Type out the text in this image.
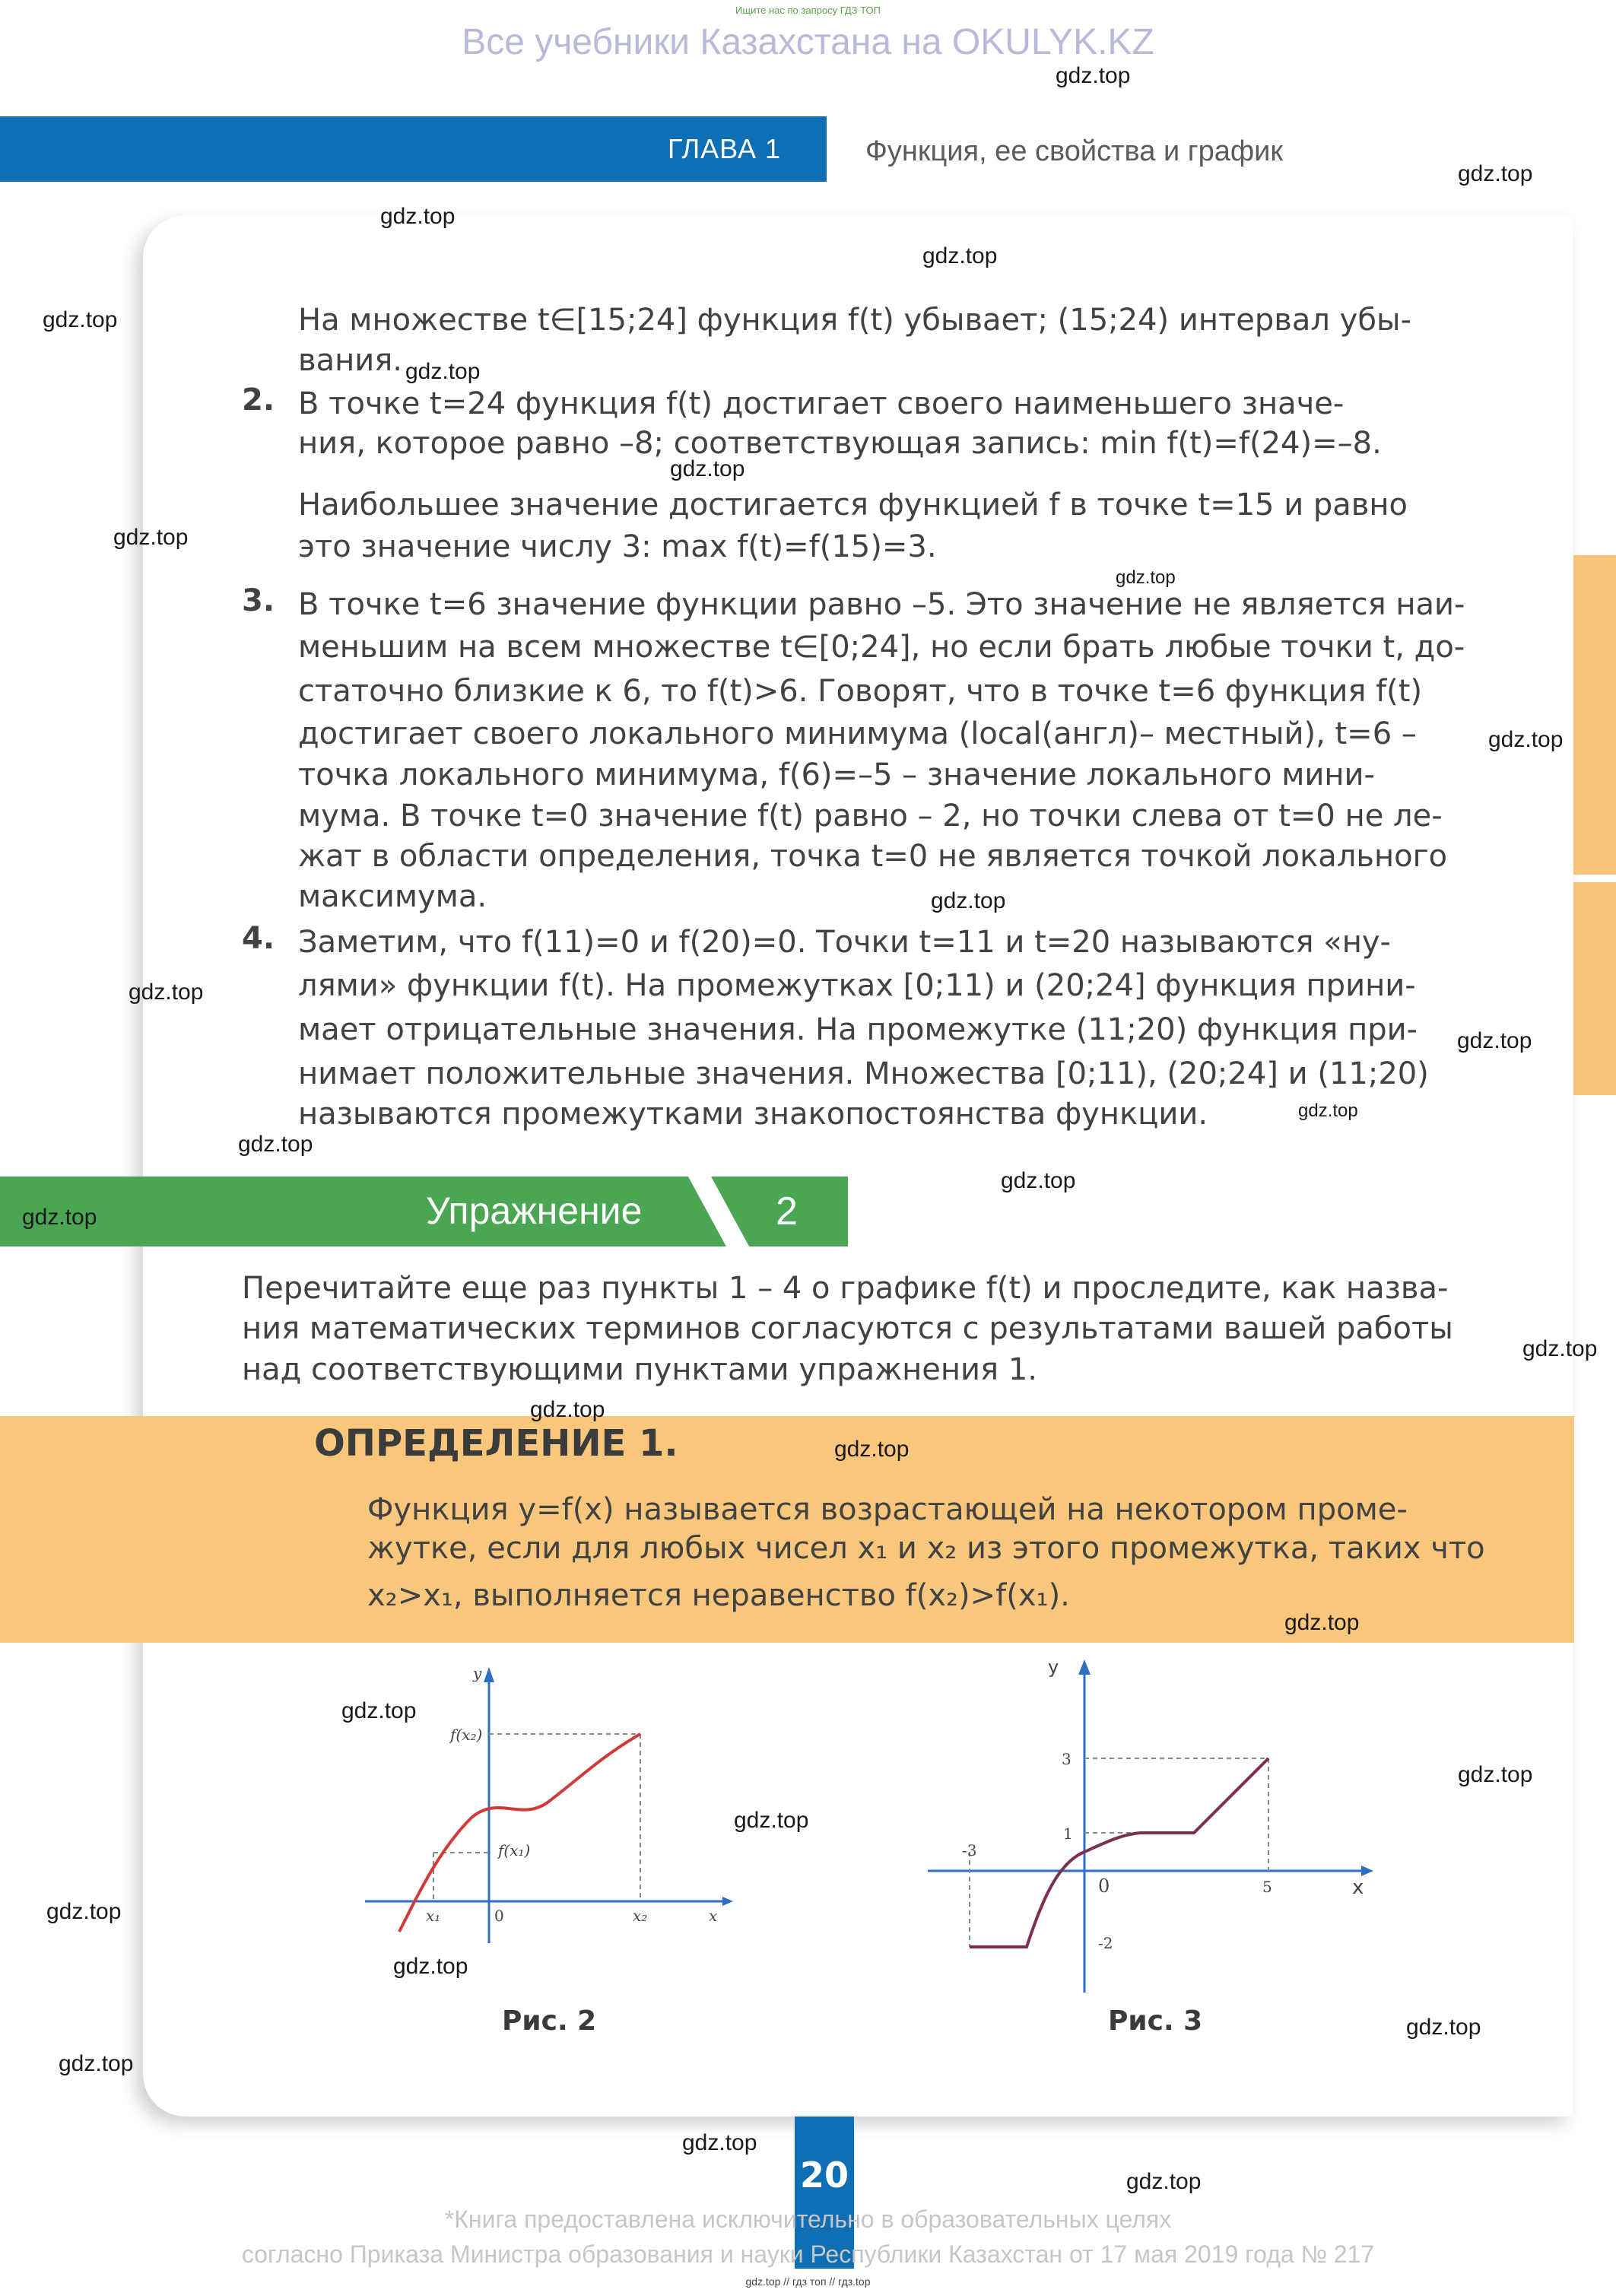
Ищите нас по запросу ГДЗ ТОП
Все учебники Казахстана на OKULYK.KZ
ГЛАВА 1	Функция, ее свойства и график
На множестве t∈[15;24] функция f(t) убывает; (15;24) интервал убы-
вания.
2. В точке t=24 функция f(t) достигает своего наименьшего значе-
ния, которое равно –8; соответствующая запись: min f(t)=f(24)=–8.
Наибольшее значение достигается функцией f в точке t=15 и равно
это значение числу 3: max f(t)=f(15)=3.
3. В точке t=6 значение функции равно –5. Это значение не является наи-
меньшим на всем множестве t∈[0;24], но если брать любые точки t, до-
статочно близкие к 6, то f(t)>6. Говорят, что в точке t=6 функция f(t)
достигает своего локального минимума (local(англ)– местный), t=6 –
точка локального минимума, f(6)=–5 – значение локального мини-
мума. В точке t=0 значение f(t) равно – 2, но точки слева от t=0 не ле-
жат в области определения, точка t=0 не является точкой локального
максимума.
4. Заметим, что f(11)=0 и f(20)=0. Точки t=11 и t=20 называются «ну-
лями» функции f(t). На промежутках [0;11) и (20;24] функция прини-
мает отрицательные значения. На промежутке (11;20) функция при-
нимает положительные значения. Множества [0;11), (20;24] и (11;20)
называются промежутками знакопостоянства функции.
Упражнение	2
Перечитайте еще раз пункты 1 – 4 о графике f(t) и проследите, как назва-
ния математических терминов согласуются с результатами вашей работы
над соответствующими пунктами упражнения 1.
ОПРЕДЕЛЕНИЕ 1.
Функция y=f(x) называется возрастающей на некотором проме-
жутке, если для любых чисел x₁ и x₂ из этого промежутка, таких что
x₂>x₁, выполняется неравенство f(x₂)>f(x₁).
y
f(x₂)
f(x₁)
x₁	0	x₂	x
Рис. 2
y
3
1
-3
0	5
-2
x
Рис. 3
20
*Книга предоставлена исключительно в образовательных целях
согласно Приказа Министра образования и науки Республики Казахстан от 17 мая 2019 года № 217
gdz.top // гдз топ // гдз.top
gdz.top
gdz.top
gdz.top
gdz.top
gdz.top
gdz.top
gdz.top
gdz.top
gdz.top
gdz.top
gdz.top
gdz.top
gdz.top
gdz.top
gdz.top
gdz.top
gdz.top
gdz.top
gdz.top
gdz.top
gdz.top
gdz.top
gdz.top
gdz.top
gdz.top
gdz.top
gdz.top
gdz.top
gdz.top
gdz.top
